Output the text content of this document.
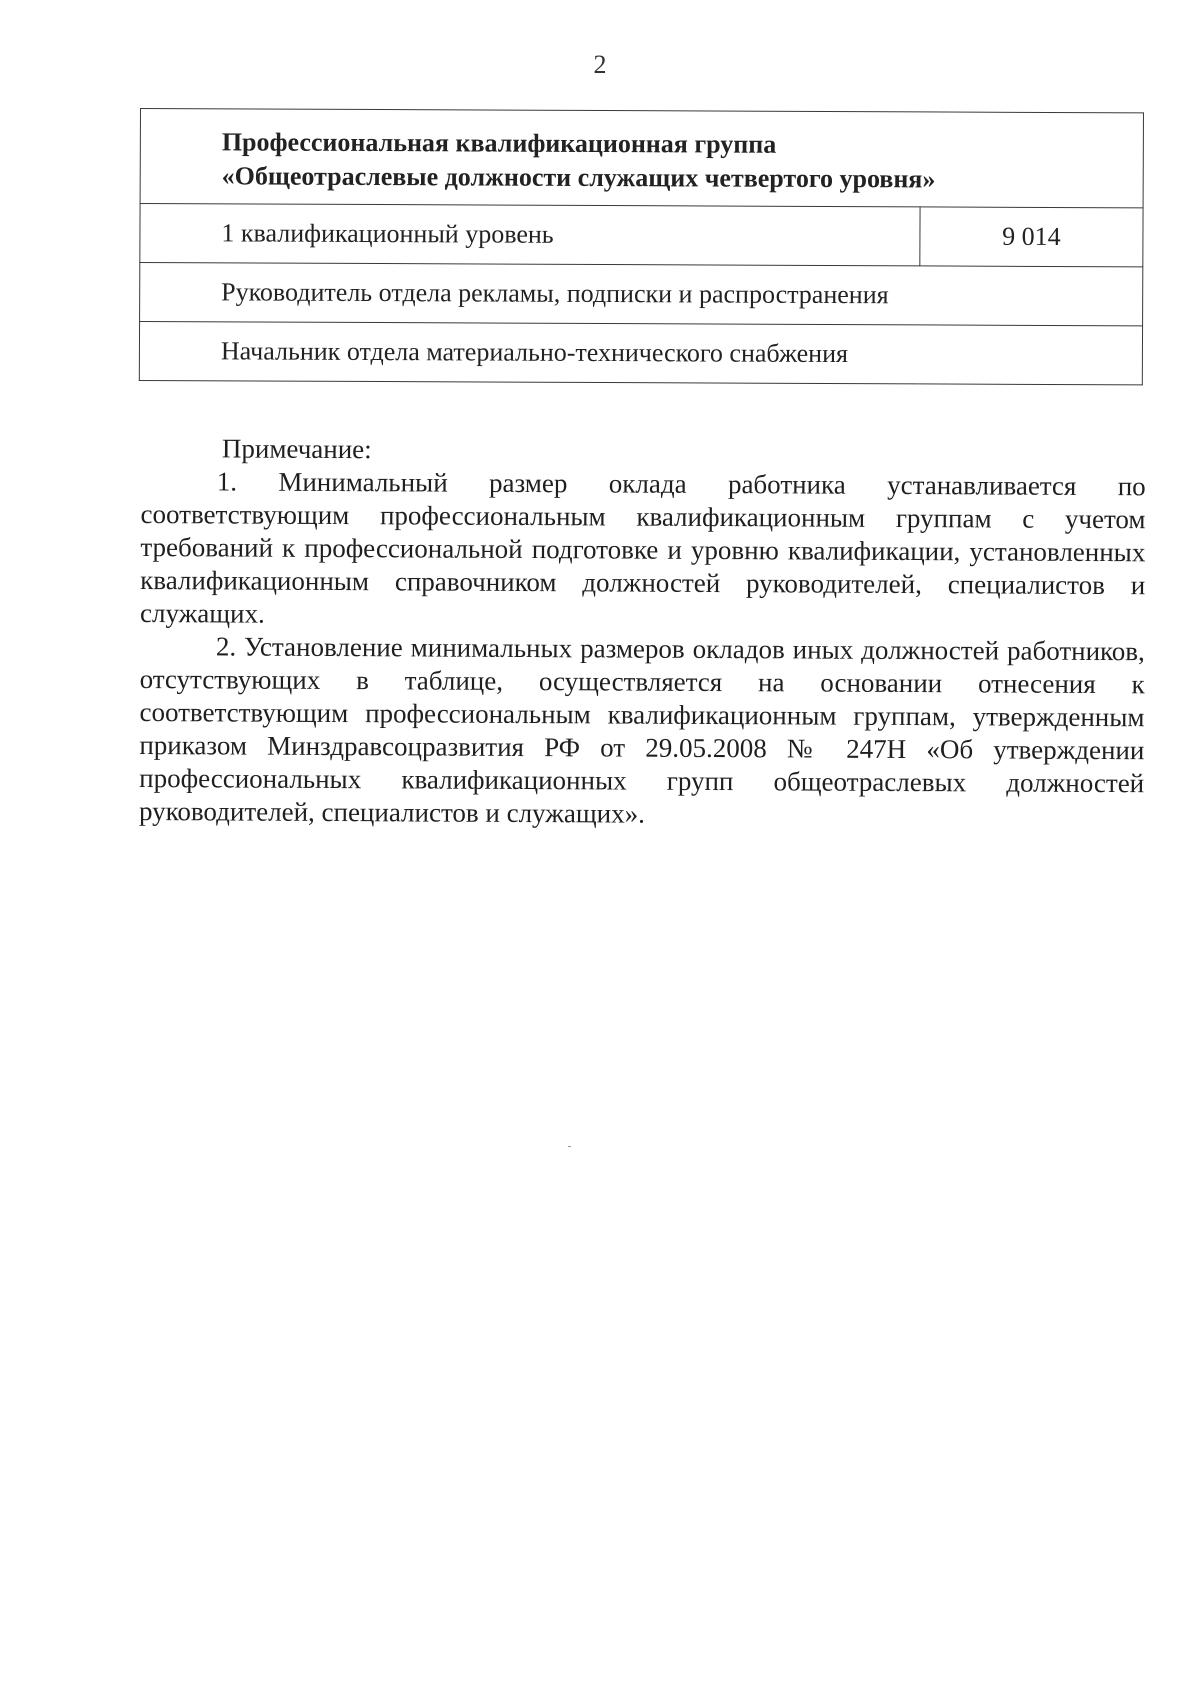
2
Профессиональная квалификационная группа
«Общеотраслевые должности служащих четвертого уровня»

1 квалификационный уровень	9 014
Руководитель отдела рекламы, подписки и распространения
Начальник отдела материально-технического снабжения
Примечание:

1. Минимальный размер оклада работника устанавливается по соответствующим профессиональным квалификационным группам с учетом требований к профессиональной подготовке и уровню квалификации, установленных квалификационным справочником должностей руководителей, специалистов и служащих.

2. Установление минимальных размеров окладов иных должностей работников, отсутствующих в таблице, осуществляется на основании отнесения к соответствующим профессиональным квалификационным группам, утвержденным приказом Минздравсоцразвития РФ от 29.05.2008 № 247Н «Об утверждении профессиональных квалификационных групп общеотраслевых должностей руководителей, специалистов и служащих».
